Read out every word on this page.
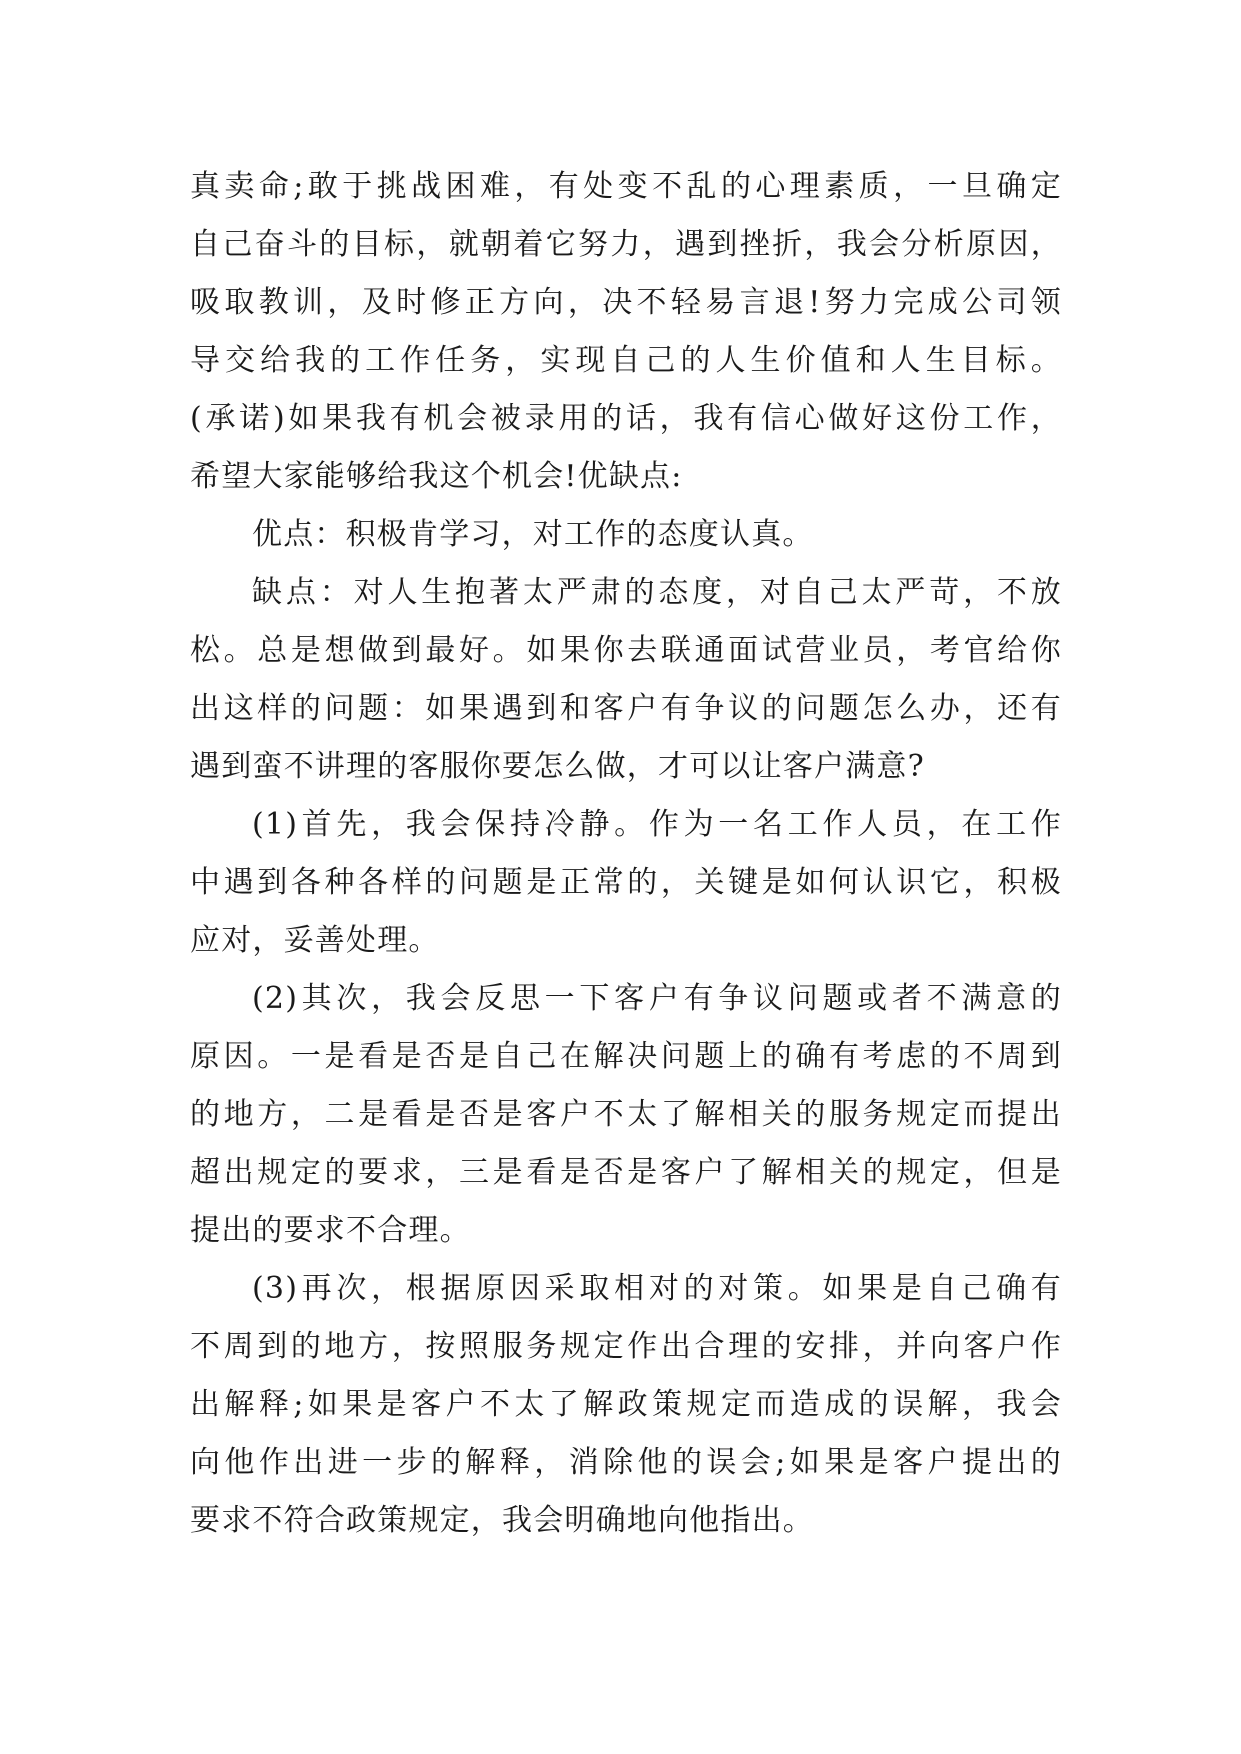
真卖命;敢于挑战困难，有处变不乱的心理素质，一旦确定
自己奋斗的目标，就朝着它努力，遇到挫折，我会分析原因，
吸取教训，及时修正方向，决不轻易言退!努力完成公司领
导交给我的工作任务，实现自己的人生价值和人生目标。
(承诺)如果我有机会被录用的话，我有信心做好这份工作，
希望大家能够给我这个机会!优缺点:
优点：积极肯学习，对工作的态度认真。
缺点：对人生抱著太严肃的态度，对自己太严苛，不放
松。总是想做到最好。如果你去联通面试营业员，考官给你
出这样的问题：如果遇到和客户有争议的问题怎么办，还有
遇到蛮不讲理的客服你要怎么做，才可以让客户满意?
(1)首先，我会保持冷静。作为一名工作人员，在工作
中遇到各种各样的问题是正常的，关键是如何认识它，积极
应对，妥善处理。
(2)其次，我会反思一下客户有争议问题或者不满意的
原因。一是看是否是自己在解决问题上的确有考虑的不周到
的地方，二是看是否是客户不太了解相关的服务规定而提出
超出规定的要求，三是看是否是客户了解相关的规定，但是
提出的要求不合理。
(3)再次，根据原因采取相对的对策。如果是自己确有
不周到的地方，按照服务规定作出合理的安排，并向客户作
出解释;如果是客户不太了解政策规定而造成的误解，我会
向他作出进一步的解释，消除他的误会;如果是客户提出的
要求不符合政策规定，我会明确地向他指出。
